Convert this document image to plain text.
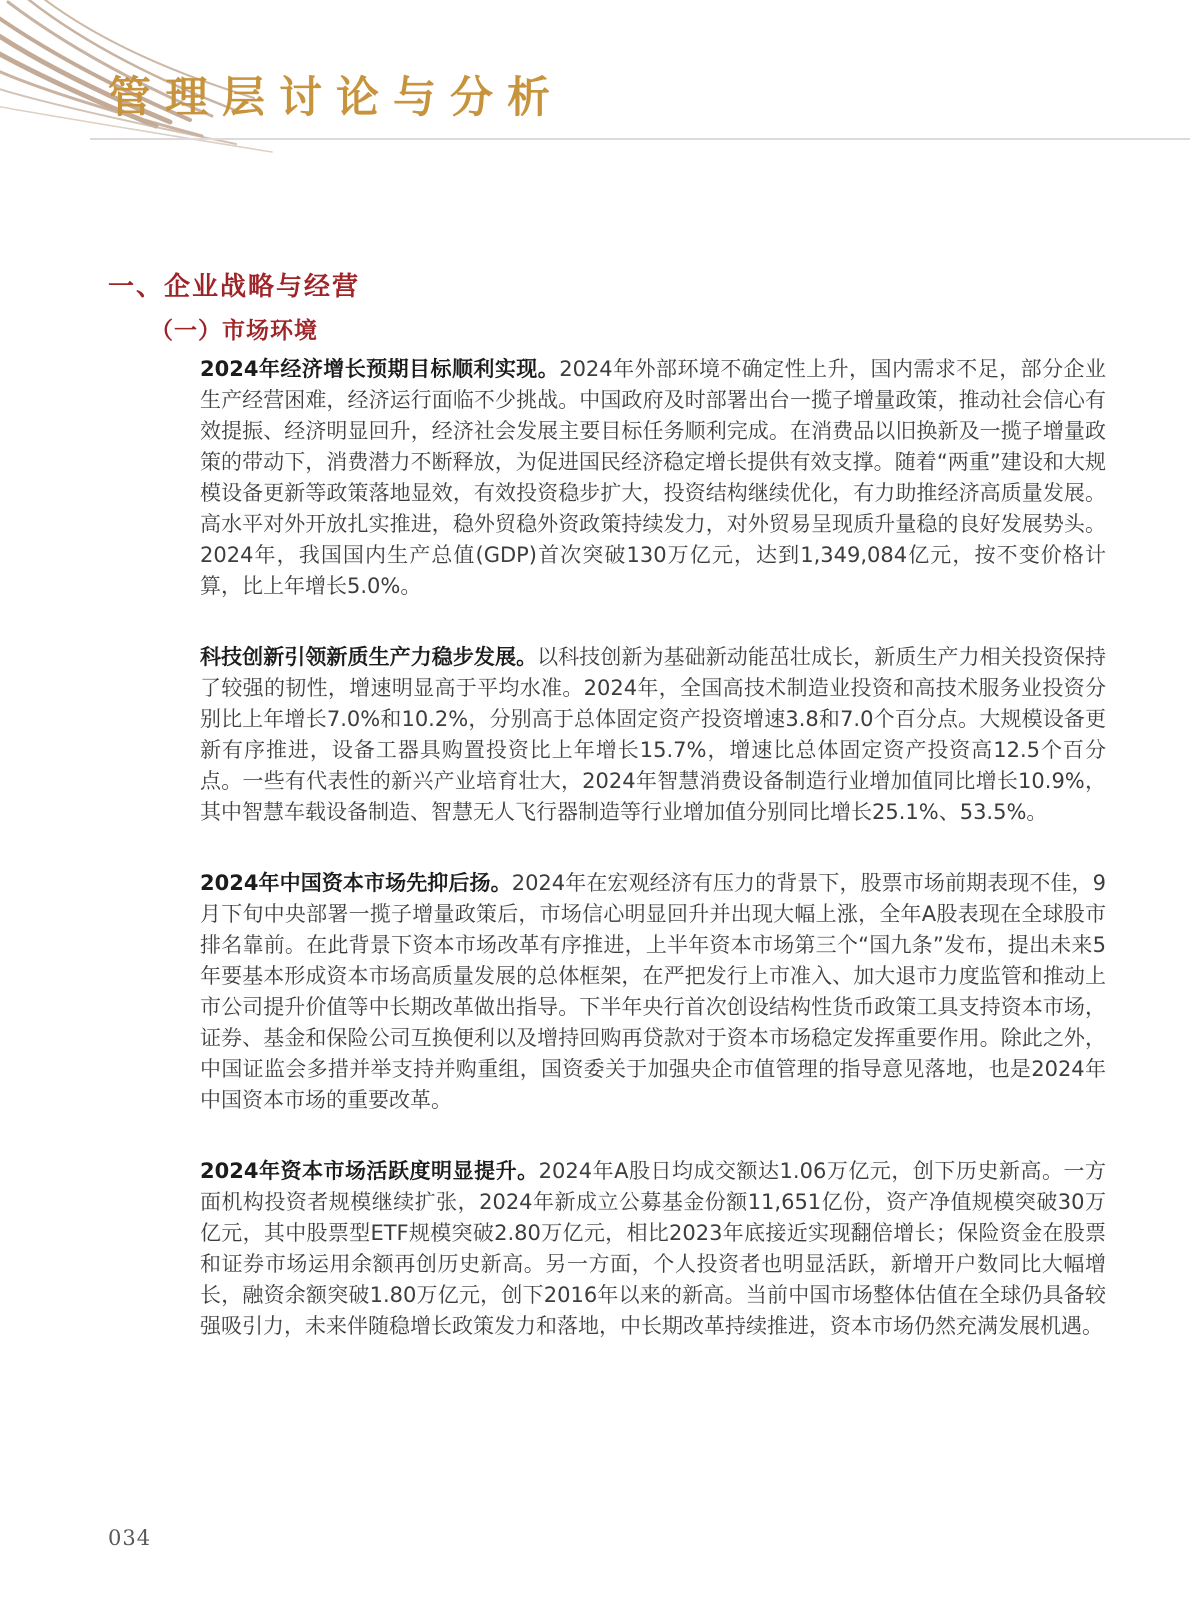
管理层讨论与分析
一、企业战略与经营
（一）市场环境

2024年经济增长预期目标顺利实现。2024年外部环境不确定性上升，国内需求不足，部分企业生产经营困难，经济运行面临不少挑战。中国政府及时部署出台一揽子增量政策，推动社会信心有效提振、经济明显回升，经济社会发展主要目标任务顺利完成。在消费品以旧换新及一揽子增量政策的带动下，消费潜力不断释放，为促进国民经济稳定增长提供有效支撑。随着“两重”建设和大规模设备更新等政策落地显效，有效投资稳步扩大，投资结构继续优化，有力助推经济高质量发展。高水平对外开放扎实推进，稳外贸稳外资政策持续发力，对外贸易呈现质升量稳的良好发展势头。2024年，我国国内生产总值(GDP)首次突破130万亿元，达到1,349,084亿元，按不变价格计算，比上年增长5.0%。

科技创新引领新质生产力稳步发展。以科技创新为基础新动能茁壮成长，新质生产力相关投资保持了较强的韧性，增速明显高于平均水准。2024年，全国高技术制造业投资和高技术服务业投资分别比上年增长7.0%和10.2%，分别高于总体固定资产投资增速3.8和7.0个百分点。大规模设备更新有序推进，设备工器具购置投资比上年增长15.7%，增速比总体固定资产投资高12.5个百分点。一些有代表性的新兴产业培育壮大，2024年智慧消费设备制造行业增加值同比增长10.9%，其中智慧车载设备制造、智慧无人飞行器制造等行业增加值分别同比增长25.1%、53.5%。

2024年中国资本市场先抑后扬。2024年在宏观经济有压力的背景下，股票市场前期表现不佳，9月下旬中央部署一揽子增量政策后，市场信心明显回升并出现大幅上涨，全年A股表现在全球股市排名靠前。在此背景下资本市场改革有序推进，上半年资本市场第三个“国九条”发布，提出未来5年要基本形成资本市场高质量发展的总体框架，在严把发行上市准入、加大退市力度监管和推动上市公司提升价值等中长期改革做出指导。下半年央行首次创设结构性货币政策工具支持资本市场，证券、基金和保险公司互换便利以及增持回购再贷款对于资本市场稳定发挥重要作用。除此之外，中国证监会多措并举支持并购重组，国资委关于加强央企市值管理的指导意见落地，也是2024年中国资本市场的重要改革。

2024年资本市场活跃度明显提升。2024年A股日均成交额达1.06万亿元，创下历史新高。一方面机构投资者规模继续扩张，2024年新成立公募基金份额11,651亿份，资产净值规模突破30万亿元，其中股票型ETF规模突破2.80万亿元，相比2023年底接近实现翻倍增长；保险资金在股票和证券市场运用余额再创历史新高。另一方面，个人投资者也明显活跃，新增开户数同比大幅增长，融资余额突破1.80万亿元，创下2016年以来的新高。当前中国市场整体估值在全球仍具备较强吸引力，未来伴随稳增长政策发力和落地，中长期改革持续推进，资本市场仍然充满发展机遇。

034
